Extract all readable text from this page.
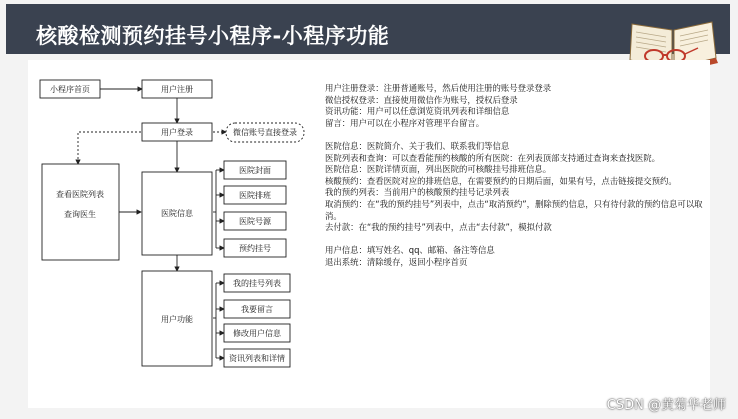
核酸检测预约挂号小程序-小程序功能
小程序首页	用户注册
用户登录	微信账号直接登录
查看医院列表
查询医生	医院信息
医院封面
医院排班
医院号源
预约挂号
用户功能
我的挂号列表
我要留言
修改用户信息
资讯列表和详情

用户注册登录：注册普通账号，然后使用注册的账号登录登录

微信授权登录：直接使用微信作为账号，授权后登录

资讯功能：用户可以任意浏览资讯列表和详细信息

留言：用户可以在小程序对管理平台留言。

医院信息：医院简介、关于我们、联系我们等信息

医院列表和查询：可以查看能预约核酸的所有医院：在列表顶部支持通过查询来查找医院。

医院信息：医院详情页面，列出医院的可核酸挂号排班信息。

核酸预约：查看医院对应的排班信息，在需要预约的日期后面，如果有号，点击链接提交预约。

我的预约列表：当前用户的核酸预约挂号记录列表

取消预约：在“我的预约挂号”列表中，点击“取消预约”，删除预约信息，只有待付款的预约信息可以取消。

去付款：在“我的预约挂号”列表中，点击“去付款”，模拟付款

用户信息：填写姓名、qq、邮箱、备注等信息

退出系统：清除缓存，返回小程序首页

CSDN @黄菊华老师
